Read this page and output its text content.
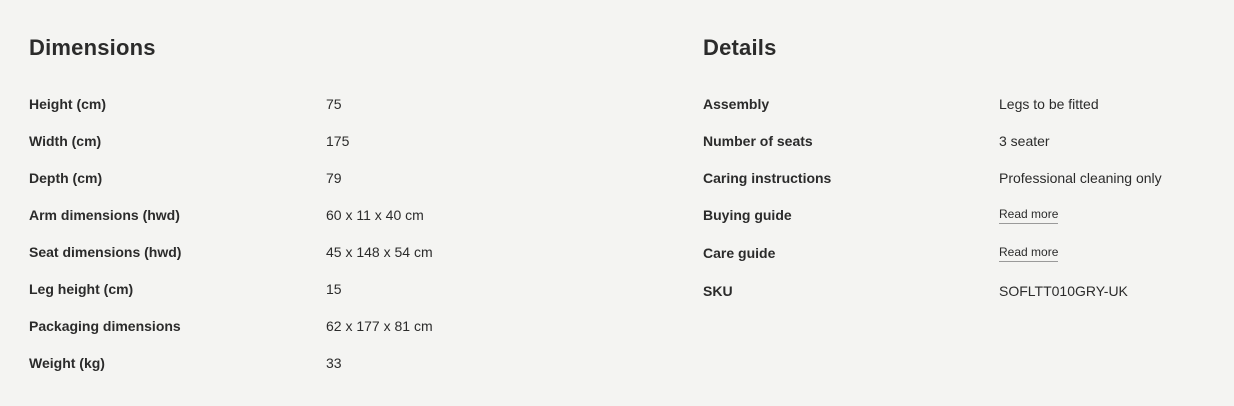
Dimensions
Height (cm)	75
Width (cm)	175
Depth (cm)	79
Arm dimensions (hwd)	60 x 11 x 40 cm
Seat dimensions (hwd)	45 x 148 x 54 cm
Leg height (cm)	15
Packaging dimensions	62 x 177 x 81 cm
Weight (kg)	33
Details
Assembly	Legs to be fitted
Number of seats	3 seater
Caring instructions	Professional cleaning only
Buying guide	Read more
Care guide	Read more
SKU	SOFLTT010GRY-UK
